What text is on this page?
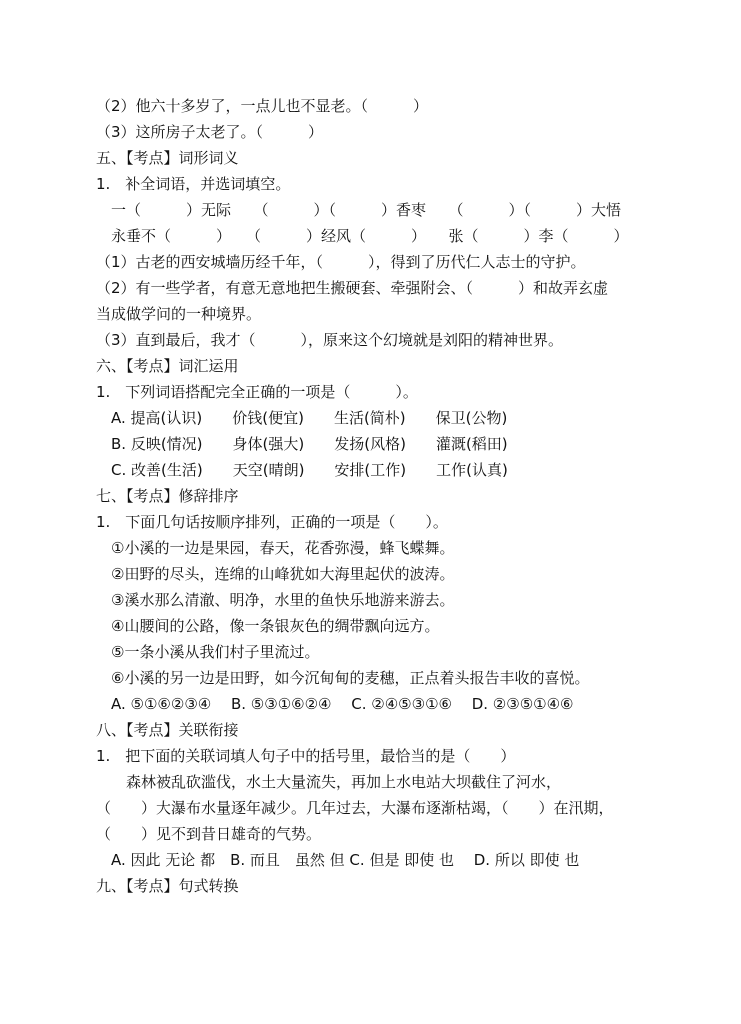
（2）他六十多岁了，一点儿也不显老。（　　　）
（3）这所房子太老了。（　　　）
五、【考点】词形词义
1.　补全词语，并选词填空。
　一（　　　）无际　　（　　　）（　　　）香枣　　（　　　）（　　　）大悟
　永垂不（　　　）　　（　　　）经风（　　　）　　张（　　　）李（　　　）
（1）古老的西安城墙历经千年，（　　　），得到了历代仁人志士的守护。
（2）有一些学者，有意无意地把生搬硬套、牵强附会、（　　　）和故弄玄虚
当成做学问的一种境界。
（3）直到最后，我才（　　　），原来这个幻境就是刘阳的精神世界。
六、【考点】词汇运用
1.　下列词语搭配完全正确的一项是（　　　）。
　A. 提高(认识)　　价钱(便宜)　　生活(简朴)　　保卫(公物)
　B. 反映(情况)　　身体(强大)　　发扬(风格)　　灌溉(稻田)
　C. 改善(生活)　　天空(晴朗)　　安排(工作)　　工作(认真)
七、【考点】修辞排序
1.　下面几句话按顺序排列，正确的一项是（　　）。
　①小溪的一边是果园，春天，花香弥漫，蜂飞蝶舞。
　②田野的尽头，连绵的山峰犹如大海里起伏的波涛。
　③溪水那么清澈、明净，水里的鱼快乐地游来游去。
　④山腰间的公路，像一条银灰色的绸带飘向远方。
　⑤一条小溪从我们村子里流过。
　⑥小溪的另一边是田野，如今沉甸甸的麦穗，正点着头报告丰收的喜悦。
　A. ⑤①⑥②③④　 B. ⑤③①⑥②④　 C. ②④⑤③①⑥　 D. ②③⑤①④⑥
八、【考点】关联衔接
1.　把下面的关联词填人句子中的括号里，最恰当的是（　　）
　　森林被乱砍滥伐，水土大量流失，再加上水电站大坝截住了河水，
（　　）大瀑布水量逐年减少。几年过去，大瀑布逐渐枯竭，（　　）在汛期，
（　　）见不到昔日雄奇的气势。
　A. 因此 无论 都　B. 而且　虽然 但 C. 但是 即使 也　 D. 所以 即使 也
九、【考点】句式转换
